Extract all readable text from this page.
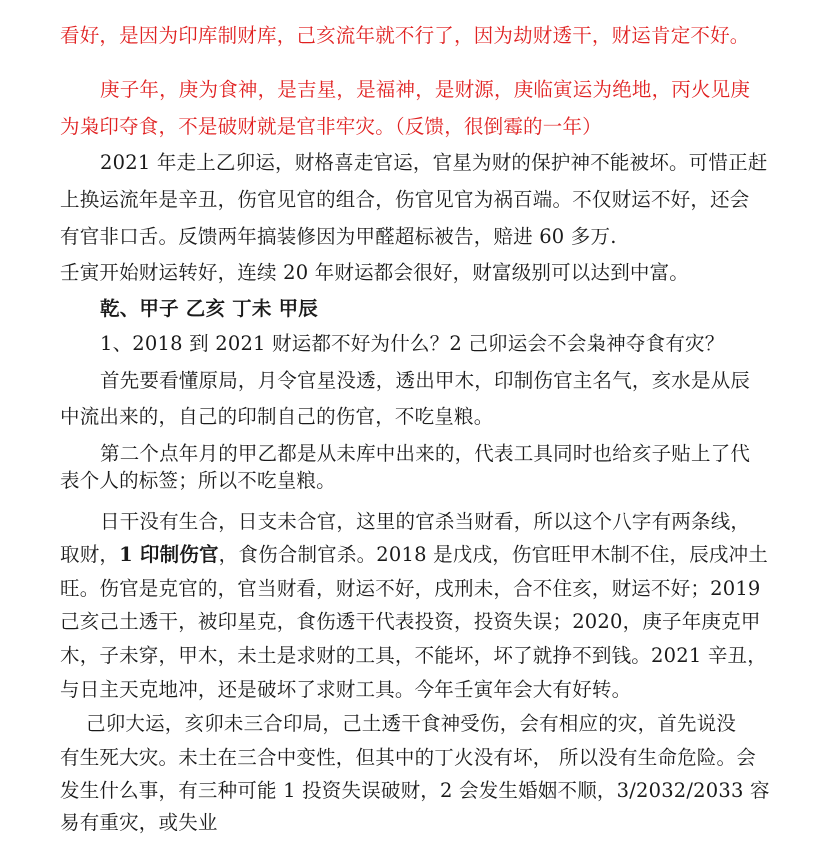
看好，是因为印库制财库，己亥流年就不行了，因为劫财透干，财运肯定不好。
庚子年，庚为食神，是吉星，是福神，是财源，庚临寅运为绝地，丙火见庚
为枭印夺食，不是破财就是官非牢灾。（反馈，很倒霉的一年）
2021 年走上乙卯运，财格喜走官运，官星为财的保护神不能被坏。可惜正赶
上换运流年是辛丑，伤官见官的组合，伤官见官为祸百端。不仅财运不好，还会
有官非口舌。反馈两年搞装修因为甲醛超标被告，赔进 60 多万.
壬寅开始财运转好，连续 20 年财运都会很好，财富级别可以达到中富。
乾、甲子 乙亥 丁未 甲辰
1、2018 到 2021 财运都不好为什么？2 己卯运会不会枭神夺食有灾？
首先要看懂原局，月令官星没透，透出甲木，印制伤官主名气，亥水是从辰
中流出来的，自己的印制自己的伤官，不吃皇粮。
第二个点年月的甲乙都是从未库中出来的，代表工具同时也给亥子贴上了代
表个人的标签；所以不吃皇粮。
日干没有生合，日支未合官，这里的官杀当财看，所以这个八字有两条线，
取财，1 印制伤官，食伤合制官杀。2018 是戊戌，伤官旺甲木制不住，辰戌冲土
旺。伤官是克官的，官当财看，财运不好，戌刑未，合不住亥，财运不好；2019
己亥己土透干，被印星克，食伤透干代表投资，投资失误；2020，庚子年庚克甲
木，子未穿，甲木，未土是求财的工具，不能坏，坏了就挣不到钱。2021 辛丑，
与日主天克地冲，还是破坏了求财工具。今年壬寅年会大有好转。
己卯大运，亥卯未三合印局，己土透干食神受伤，会有相应的灾，首先说没
有生死大灾。未土在三合中变性，但其中的丁火没有坏， 所以没有生命危险。会
发生什么事，有三种可能 1 投资失误破财，2 会发生婚姻不顺，3/2032/2033 容
易有重灾，或失业
